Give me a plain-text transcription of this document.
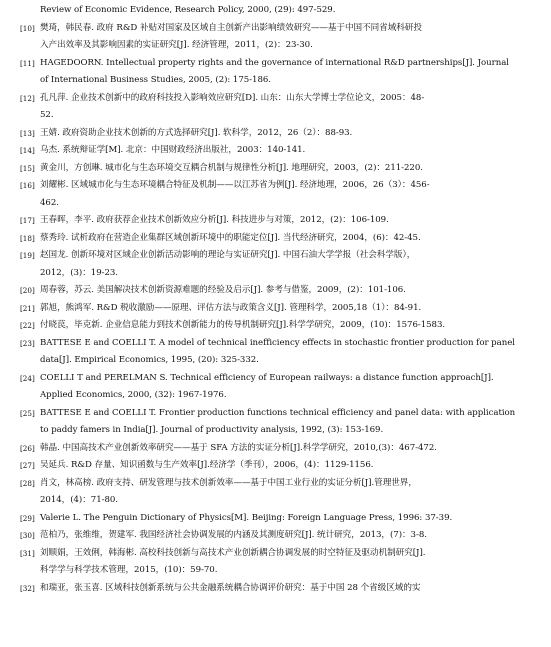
Review of Economic Evidence, Research Policy, 2000, (29): 497-529.
[10] 樊琦，韩民春. 政府 R&D 补贴对国家及区域自主创新产出影响绩效研究——基于中国不同省域科研投
入产出效率及其影响因素的实证研究[J]. 经济管理，2011，(2)：23-30.
[11] HAGEDOORN. Intellectual property rights and the governance of international R&D partnerships[J]. Journal
of International Business Studies, 2005, (2): 175-186.
[12] 孔凡萍. 企业技术创新中的政府科技投入影响效应研究[D]. 山东：山东大学博士学位论文，2005：48-
52.
[13] 王婧. 政府资助企业技术创新的方式选择研究[J]. 软科学，2012，26（2）：88-93.
[14] 乌杰. 系统辩证学[M]. 北京：中国财政经济出版社，2003：140-141.
[15] 黄金川，方创琳. 城市化与生态环境交互耦合机制与规律性分析[J]. 地理研究，2003，(2)：211-220.
[16] 刘耀彬. 区域城市化与生态环境耦合特征及机制——以江苏省为例[J]. 经济地理，2006，26（3）：456-
462.
[17] 王春晖，李平. 政府获荐企业技术创新效应分析[J]. 科技进步与对策，2012，(2)：106-109.
[18] 蔡秀玲. 试析政府在营造企业集群区域创新环境中的职能定位[J]. 当代经济研究，2004，(6)：42-45.
[19] 赵国龙. 创新环境对区域企业创新活动影响的理论与实证研究[J]. 中国石油大学学报（社会科学版），
2012，(3)：19-23.
[20] 周春蓉，苏云. 美国解决技术创新资源难题的经验及启示[J]. 参考与借鉴，2009，(2)：101-106.
[21] 郭旭，熊鸿军. R&D 税收激励——原理、评估方法与政策含义[J]. 管理科学，2005,18（1）：84-91.
[22] 付晓苠，毕克新. 企业信息能力到技术创新能力的传导机制研究[J].科学学研究，2009，(10)：1576-1583.
[23] BATTESE E and COELLI T. A model of technical inefficiency effects in stochastic frontier production for panel
data[J]. Empirical Economics, 1995, (20): 325-332.
[24] COELLI T and PERELMAN S. Technical efficiency of European railways: a distance function approach[J].
Applied Economics, 2000, (32): 1967-1976.
[25] BATTESE E and COELLI T. Frontier production functions technical efficiency and panel data: with application
to paddy famers in India[J]. Journal of productivity analysis, 1992, (3): 153-169.
[26] 韩晶. 中国高技术产业创新效率研究——基于 SFA 方法的实证分析[J].科学学研究，2010,(3)：467-472.
[27] 吴延兵. R&D 存量、知识函数与生产效率[J].经济学（季刊），2006，(4)：1129-1156.
[28] 肖文，林高榜. 政府支持、研发管理与技术创新效率——基于中国工业行业的实证分析[J].管理世界，
2014，(4)：71-80.
[29] Valerie L. The Penguin Dictionary of Physics[M]. Beijing: Foreign Language Press, 1996: 37-39.
[30] 范柏乃，张维维，贺建军. 我国经济社会协调发展的内涵及其测度研究[J]. 统计研究，2013，(7)：3-8.
[31] 刘顺娟，王效俐，韩海彬. 高校科技创新与高技术产业创新耦合协调发展的时空特征及驱动机制研究[J].
科学学与科学技术管理，2015，(10)：59-70.
[32] 和瑞亚，张玉喜. 区域科技创新系统与公共金融系统耦合协调评价研究：基于中国 28 个省级区域的实
